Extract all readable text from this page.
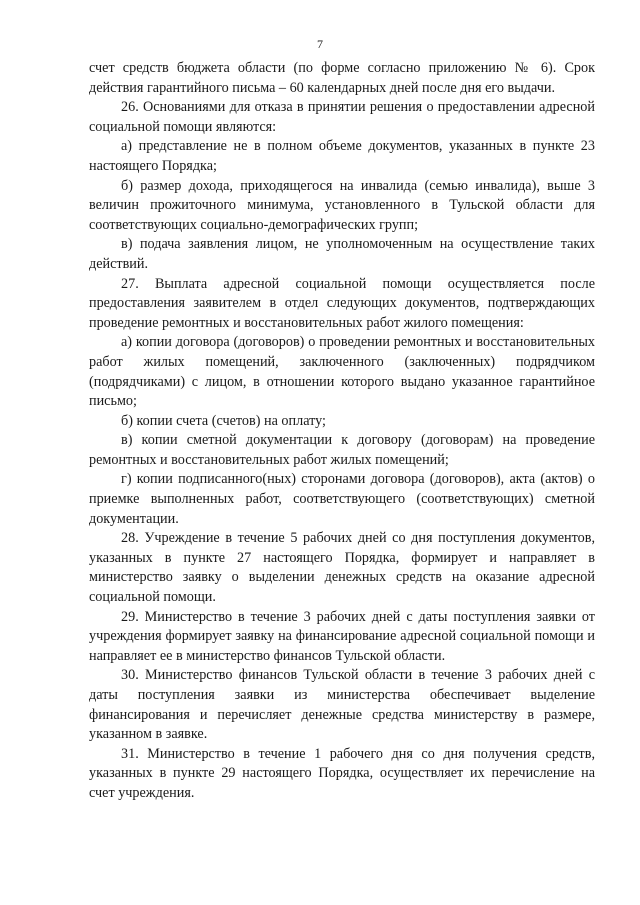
7

счет средств бюджета области (по форме согласно приложению № 6). Срок действия гарантийного письма – 60 календарных дней после дня его выдачи.

26. Основаниями для отказа в принятии решения о предоставлении адресной социальной помощи являются:

а) представление не в полном объеме документов, указанных в пункте 23 настоящего Порядка;

б) размер дохода, приходящегося на инвалида (семью инвалида), выше 3 величин прожиточного минимума, установленного в Тульской области для соответствующих социально-демографических групп;

в) подача заявления лицом, не уполномоченным на осуществление таких действий.

27. Выплата адресной социальной помощи осуществляется после предоставления заявителем в отдел следующих документов, подтверждающих проведение ремонтных и восстановительных работ жилого помещения:

а) копии договора (договоров) о проведении ремонтных и восстановительных работ жилых помещений, заключенного (заключенных) подрядчиком (подрядчиками) с лицом, в отношении которого выдано указанное гарантийное письмо;

б) копии счета (счетов) на оплату;

в) копии сметной документации к договору (договорам) на проведение ремонтных и восстановительных работ жилых помещений;

г) копии подписанного(ных) сторонами договора (договоров), акта (актов) о приемке выполненных работ, соответствующего (соответствующих) сметной документации.

28. Учреждение в течение 5 рабочих дней со дня поступления документов, указанных в пункте 27 настоящего Порядка, формирует и направляет в министерство заявку о выделении денежных средств на оказание адресной социальной помощи.

29. Министерство в течение 3 рабочих дней с даты поступления заявки от учреждения формирует заявку на финансирование адресной социальной помощи и направляет ее в министерство финансов Тульской области.

30. Министерство финансов Тульской области в течение 3 рабочих дней с даты поступления заявки из министерства обеспечивает выделение финансирования и перечисляет денежные средства министерству в размере, указанном в заявке.

31. Министерство в течение 1 рабочего дня со дня получения средств, указанных в пункте 29 настоящего Порядка, осуществляет их перечисление на счет учреждения.
